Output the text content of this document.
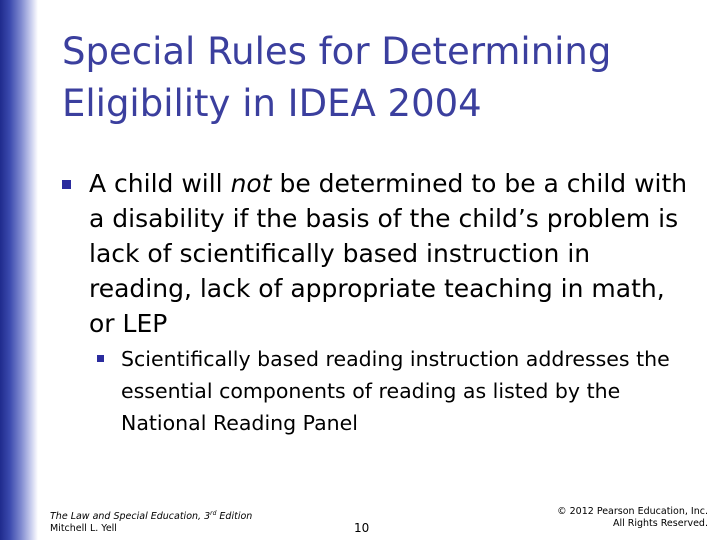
Special Rules for Determining
Eligibility in IDEA 2004
A child will not be determined to be a child with a disability if the basis of the child’s problem is lack of scientifically based instruction in reading, lack of appropriate teaching in math, or LEP
Scientifically based reading instruction addresses the essential components of reading as listed by the National Reading Panel
The Law and Special Education, 3rd Edition
Mitchell L. Yell	10
© 2012 Pearson Education, Inc.
All Rights Reserved.
